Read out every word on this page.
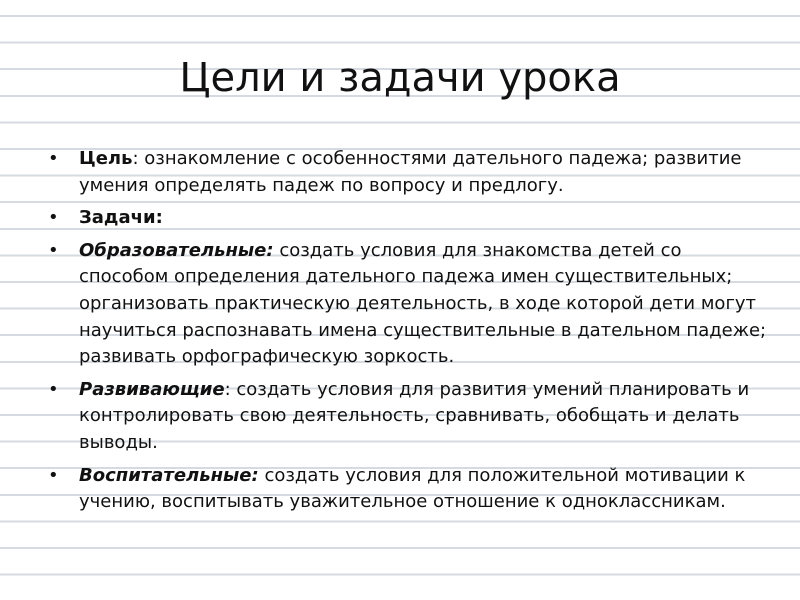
Цели и задачи урока
• Цель: ознакомление с особенностями дательного падежа; развитие умения определять падеж по вопросу и предлогу.
• Задачи:
• Образовательные: создать условия для знакомства детей со способом определения дательного падежа имен существительных; организовать практическую деятельность, в ходе которой дети могут научиться распознавать имена существительные в дательном падеже; развивать орфографическую зоркость.
• Развивающие: создать условия для развития умений планировать и контролировать свою деятельность, сравнивать, обобщать и делать выводы.
• Воспитательные: создать условия для положительной мотивации к учению, воспитывать уважительное отношение к одноклассникам.
